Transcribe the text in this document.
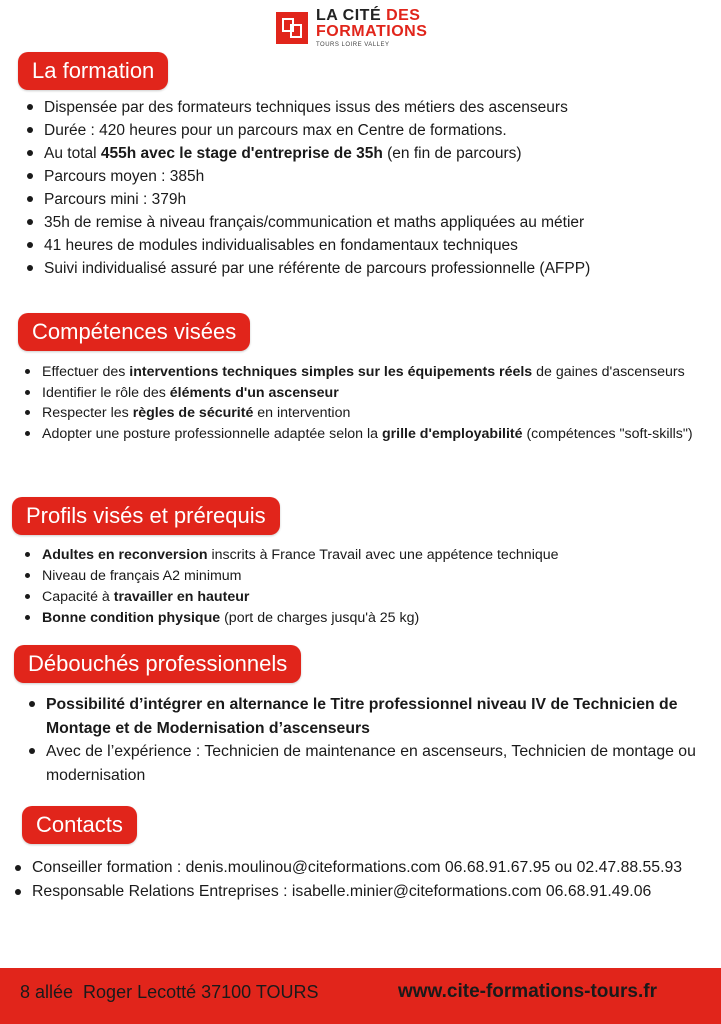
LA CITÉ DES
FORMATIONS
TOURS LOIRE VALLEY
La formation
Dispensée par des formateurs techniques issus des métiers des ascenseurs
Durée : 420 heures pour un parcours max en Centre de formations.
Au total 455h avec le stage d'entreprise de 35h (en fin de parcours)
Parcours moyen : 385h
Parcours mini : 379h
35h de remise à niveau français/communication et maths appliquées au métier
41 heures de modules individualisables en fondamentaux techniques
Suivi individualisé assuré par une référente de parcours professionnelle (AFPP)
Compétences visées
Effectuer des interventions techniques simples sur les équipements réels de gaines d'ascenseurs
Identifier le rôle des éléments d'un ascenseur
Respecter les règles de sécurité en intervention
Adopter une posture professionnelle adaptée selon la grille d'employabilité (compétences "soft-skills")
Profils visés et prérequis
Adultes en reconversion inscrits à France Travail avec une appétence technique
Niveau de français A2 minimum
Capacité à travailler en hauteur
Bonne condition physique (port de charges jusqu'à 25 kg)
Débouchés professionnels
Possibilité d’intégrer en alternance le Titre professionnel niveau IV de Technicien de Montage et de Modernisation d’ascenseurs
Avec de l’expérience : Technicien de maintenance en ascenseurs, Technicien de montage ou modernisation
Contacts
Conseiller formation : denis.moulinou@citeformations.com 06.68.91.67.95 ou 02.47.88.55.93
Responsable Relations Entreprises : isabelle.minier@citeformations.com 06.68.91.49.06
8 allée  Roger Lecotté 37100 TOURS	www.cite-formations-tours.fr
